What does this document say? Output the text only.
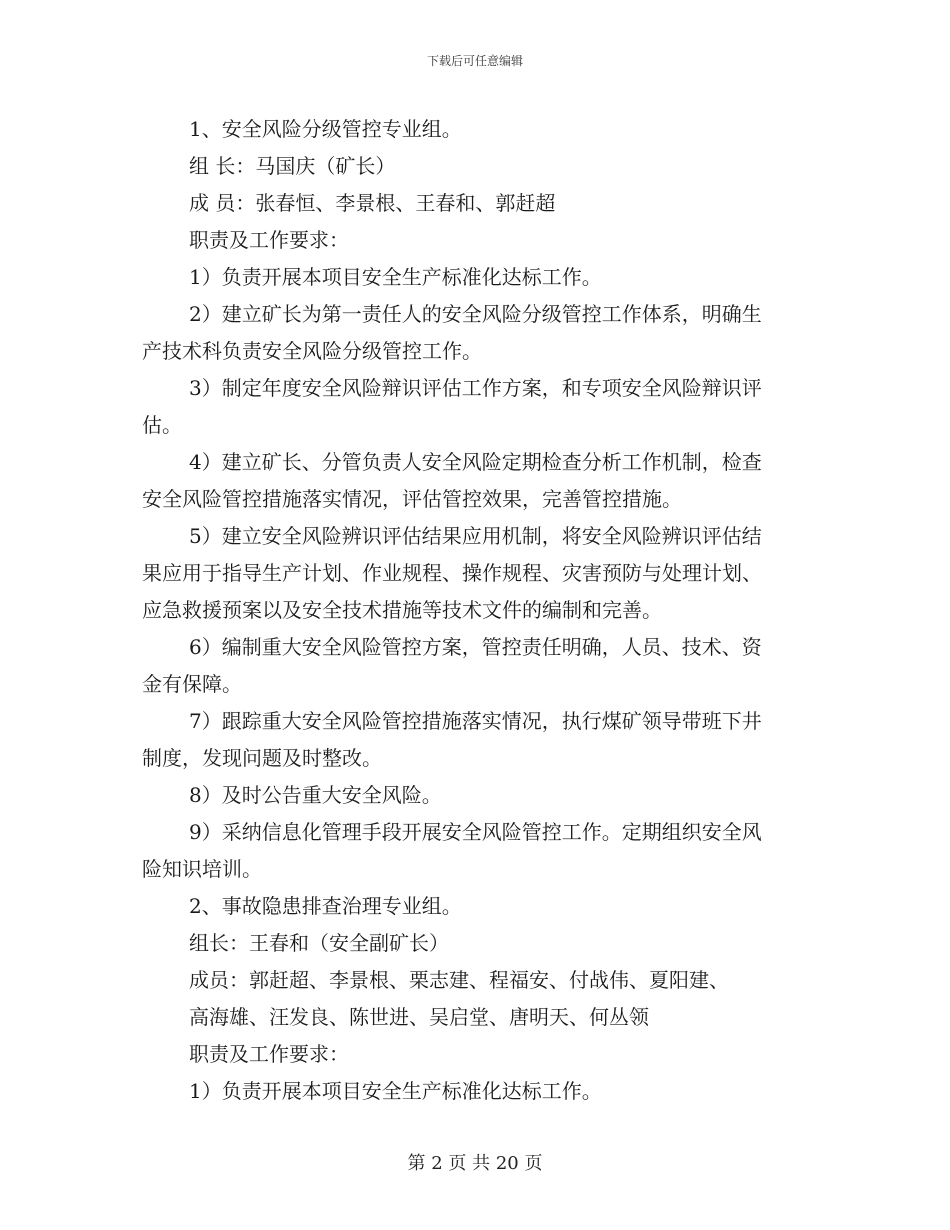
下载后可任意编辑
1、安全风险分级管控专业组。
组 长：马国庆（矿长）
成 员：张春恒、李景根、王春和、郭赶超
职责及工作要求：
1）负责开展本项目安全生产标准化达标工作。
2）建立矿长为第一责任人的安全风险分级管控工作体系，明确生
产技术科负责安全风险分级管控工作。
3）制定年度安全风险辩识评估工作方案，和专项安全风险辩识评
估。
4）建立矿长、分管负责人安全风险定期检查分析工作机制，检查
安全风险管控措施落实情况，评估管控效果，完善管控措施。
5）建立安全风险辨识评估结果应用机制，将安全风险辨识评估结
果应用于指导生产计划、作业规程、操作规程、灾害预防与处理计划、
应急救援预案以及安全技术措施等技术文件的编制和完善。
6）编制重大安全风险管控方案，管控责任明确，人员、技术、资
金有保障。
7）跟踪重大安全风险管控措施落实情况，执行煤矿领导带班下井
制度，发现问题及时整改。
8）及时公告重大安全风险。
9）采纳信息化管理手段开展安全风险管控工作。定期组织安全风
险知识培训。
2、事故隐患排查治理专业组。
组长：王春和（安全副矿长）
成员：郭赶超、李景根、栗志建、程福安、付战伟、夏阳建、
高海雄、汪发良、陈世进、吴启堂、唐明天、何丛领
职责及工作要求：
1）负责开展本项目安全生产标准化达标工作。
第 2 页 共 20 页
